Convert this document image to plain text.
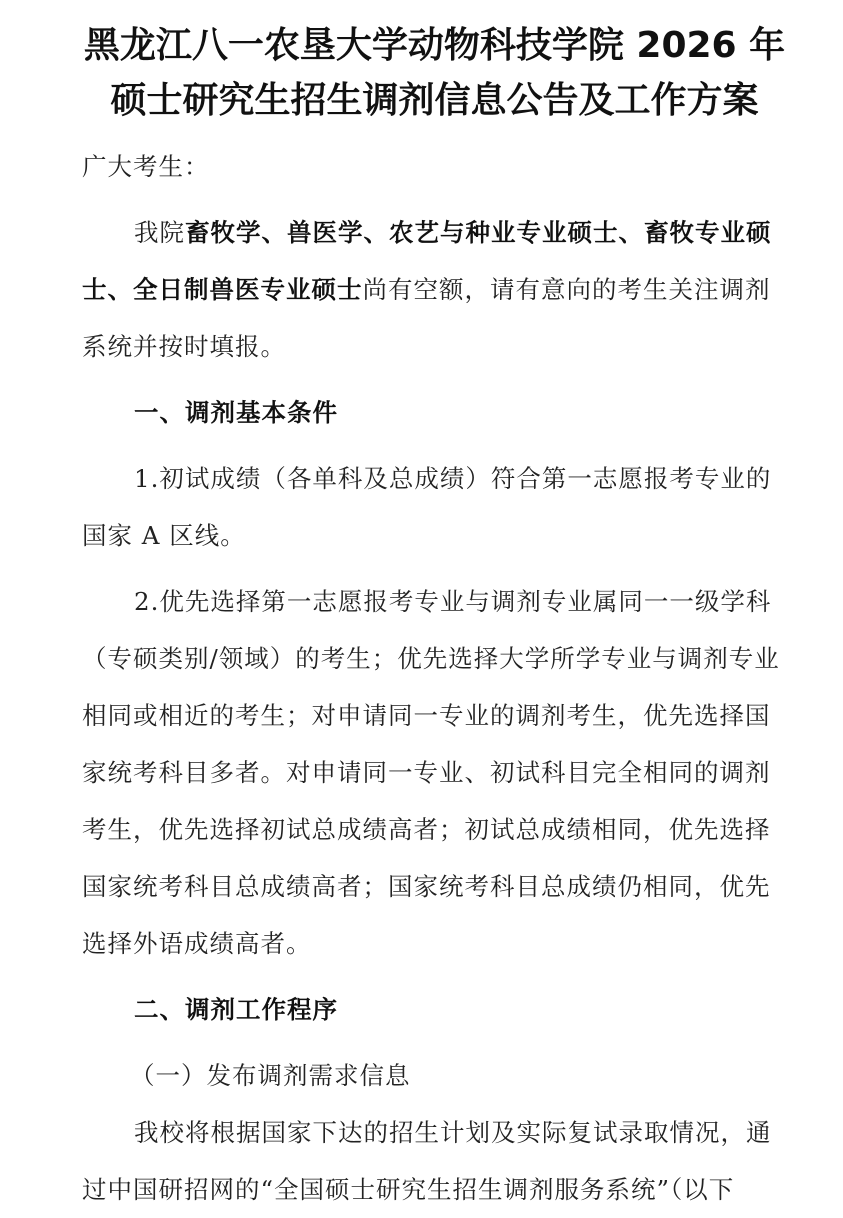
黑龙江八一农垦大学动物科技学院 2026 年
硕士研究生招生调剂信息公告及工作方案

广大考生：

我院畜牧学、兽医学、农艺与种业专业硕士、畜牧专业硕士、全日制兽医专业硕士尚有空额，请有意向的考生关注调剂系统并按时填报。

一、调剂基本条件

1.初试成绩（各单科及总成绩）符合第一志愿报考专业的国家 A 区线。

2.优先选择第一志愿报考专业与调剂专业属同一一级学科（专硕类别/领域）的考生；优先选择大学所学专业与调剂专业相同或相近的考生；对申请同一专业的调剂考生，优先选择国家统考科目多者。对申请同一专业、初试科目完全相同的调剂考生，优先选择初试总成绩高者；初试总成绩相同，优先选择国家统考科目总成绩高者；国家统考科目总成绩仍相同，优先选择外语成绩高者。

二、调剂工作程序

（一）发布调剂需求信息

我校将根据国家下达的招生计划及实际复试录取情况，通过中国研招网的“全国硕士研究生招生调剂服务系统”（以下
